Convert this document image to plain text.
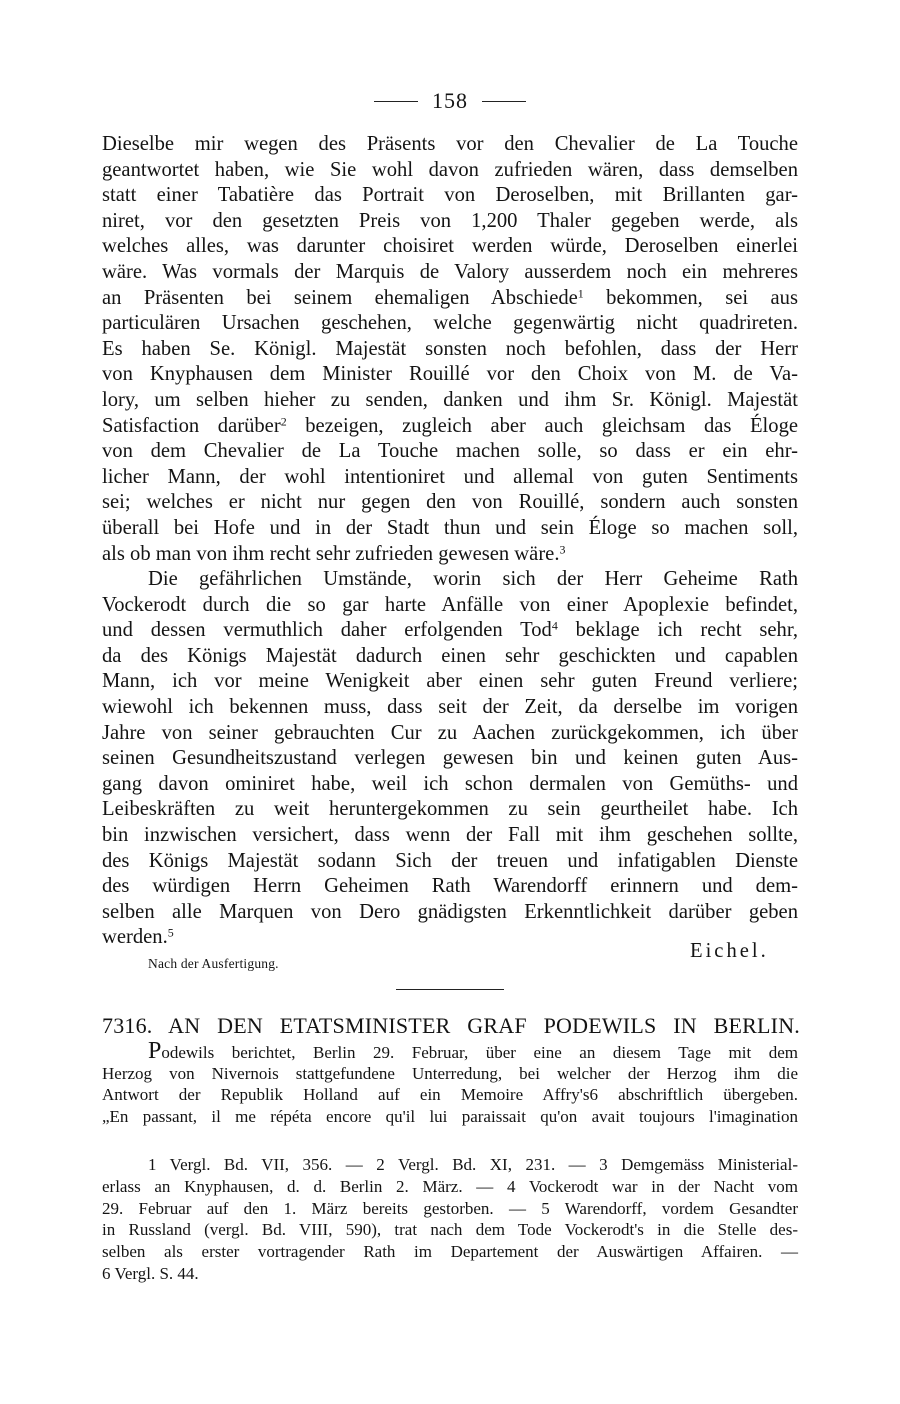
158
Dieselbe mir wegen des Präsents vor den Chevalier de La Touche
geantwortet haben, wie Sie wohl davon zufrieden wären, dass demselben
statt einer Tabatière das Portrait von Deroselben, mit Brillanten gar-
niret, vor den gesetzten Preis von 1,200 Thaler gegeben werde, als
welches alles, was darunter choisiret werden würde, Deroselben einerlei
wäre. Was vormals der Marquis de Valory ausserdem noch ein mehreres
an Präsenten bei seinem ehemaligen Abschiede$^1$ bekommen, sei aus
particulären Ursachen geschehen, welche gegenwärtig nicht quadrireten.
Es haben Se. Königl. Majestät sonsten noch befohlen, dass der Herr
von Knyphausen dem Minister Rouillé vor den Choix von M. de Va-
lory, um selben hieher zu senden, danken und ihm Sr. Königl. Majestät
Satisfaction darüber$^2$ bezeigen, zugleich aber auch gleichsam das Éloge
von dem Chevalier de La Touche machen solle, so dass er ein ehr-
licher Mann, der wohl intentioniret und allemal von guten Sentiments
sei; welches er nicht nur gegen den von Rouillé, sondern auch sonsten
überall bei Hofe und in der Stadt thun und sein Éloge so machen soll,
als ob man von ihm recht sehr zufrieden gewesen wäre.$^3$
Die gefährlichen Umstände, worin sich der Herr Geheime Rath
Vockerodt durch die so gar harte Anfälle von einer Apoplexie befindet,
und dessen vermuthlich daher erfolgenden Tod$^4$ beklage ich recht sehr,
da des Königs Majestät dadurch einen sehr geschickten und capablen
Mann, ich vor meine Wenigkeit aber einen sehr guten Freund verliere;
wiewohl ich bekennen muss, dass seit der Zeit, da derselbe im vorigen
Jahre von seiner gebrauchten Cur zu Aachen zurückgekommen, ich über
seinen Gesundheitszustand verlegen gewesen bin und keinen guten Aus-
gang davon ominiret habe, weil ich schon dermalen von Gemüths- und
Leibeskräften zu weit heruntergekommen zu sein geurtheilet habe. Ich
bin inzwischen versichert, dass wenn der Fall mit ihm geschehen sollte,
des Königs Majestät sodann Sich der treuen und infatigablen Dienste
des würdigen Herrn Geheimen Rath Warendorff erinnern und dem-
selben alle Marquen von Dero gnädigsten Erkenntlichkeit darüber geben
werden.$^5$
Nach der Ausfertigung.
Eichel.
7316. AN DEN ETATSMINISTER GRAF PODEWILS IN BERLIN.
Podewils berichtet, Berlin 29. Februar, über eine an diesem Tage mit dem
Herzog von Nivernois stattgefundene Unterredung, bei welcher der Herzog ihm die
Antwort der Republik Holland auf ein Memoire Affry's6 abschriftlich übergeben.
„En passant, il me répéta encore qu'il lui paraissait qu'on avait toujours l'imagination
1 Vergl. Bd. VII, 356. — 2 Vergl. Bd. XI, 231. — 3 Demgemäss Ministerial-
erlass an Knyphausen, d. d. Berlin 2. März. — 4 Vockerodt war in der Nacht vom
29. Februar auf den 1. März bereits gestorben. — 5 Warendorff, vordem Gesandter
in Russland (vergl. Bd. VIII, 590), trat nach dem Tode Vockerodt's in die Stelle des-
selben als erster vortragender Rath im Departement der Auswärtigen Affairen. —
6 Vergl. S. 44.
